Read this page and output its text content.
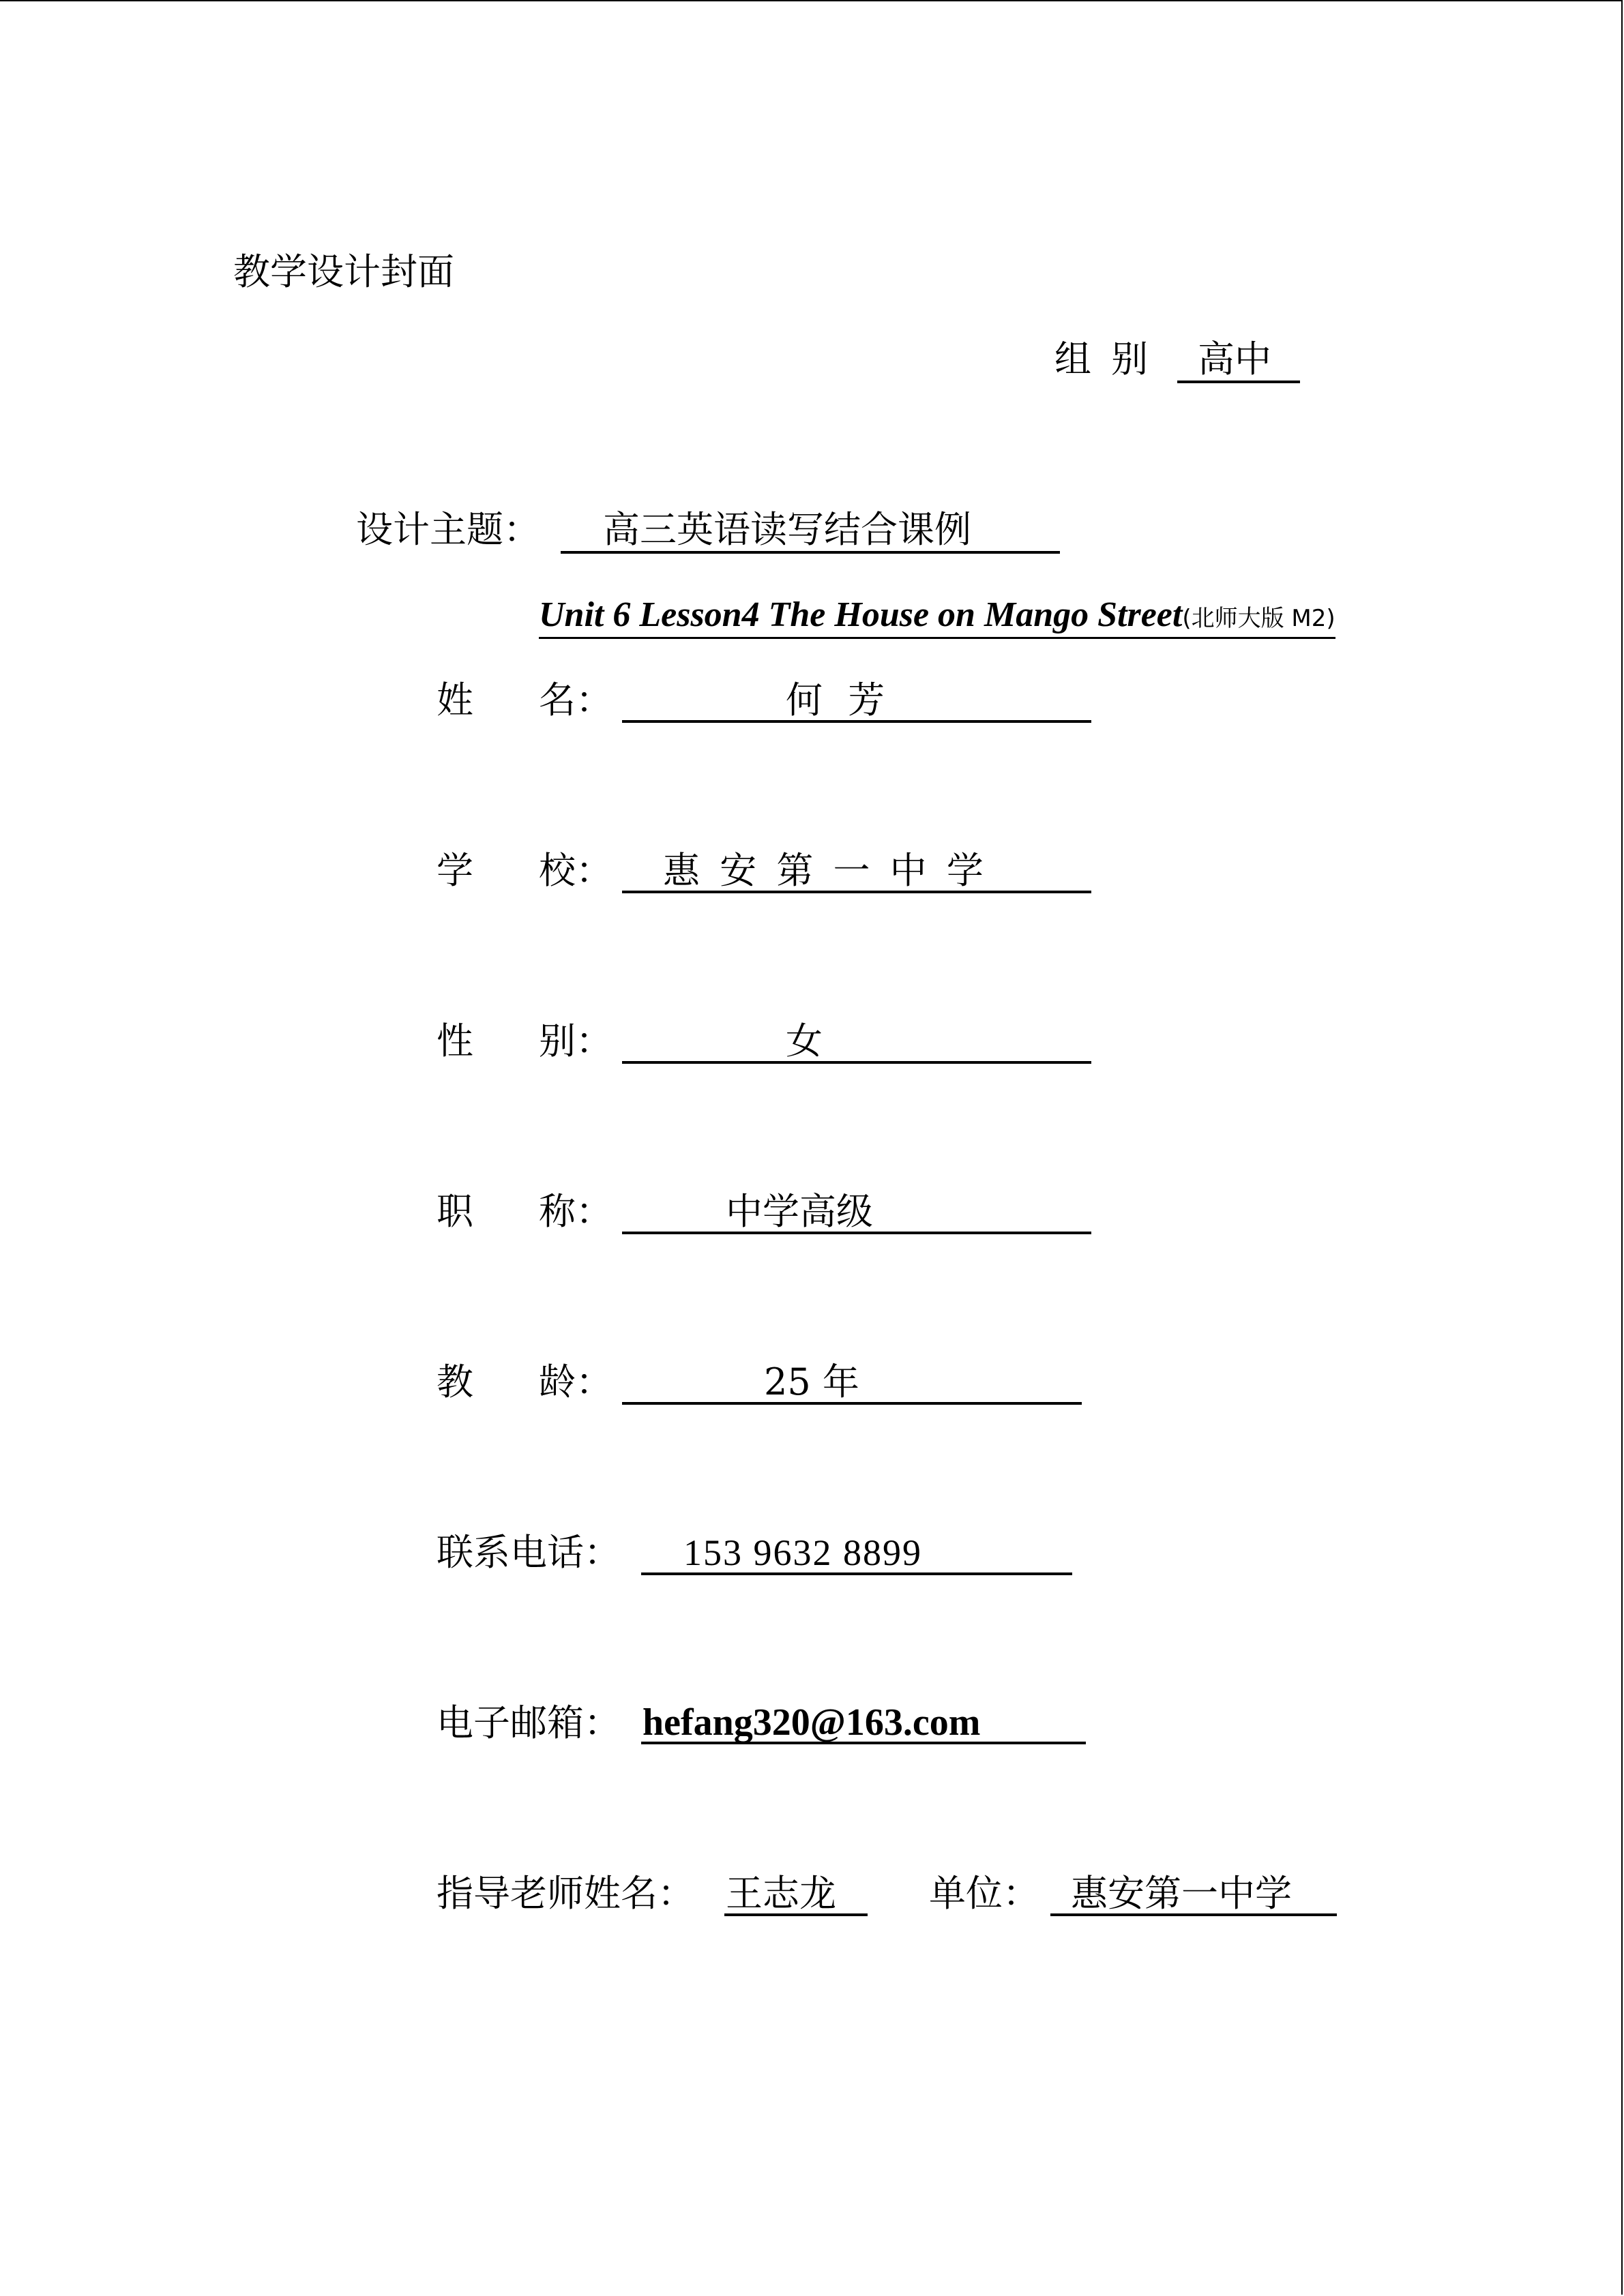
教学设计封面
组 别 高中
设计主题： 高三英语读写结合课例
Unit 6 Lesson4 The House on Mango Street(北师大版 M2)
姓 名：	何 芳
学 校： 惠 安 第 一 中 学
性 别：	女
职 称：	中学高级
教 龄：	25 年
联系电话： 153 9632 8899
电子邮箱： hefang320@163.com
指导老师姓名： 王志龙	单位： 惠安第一中学
